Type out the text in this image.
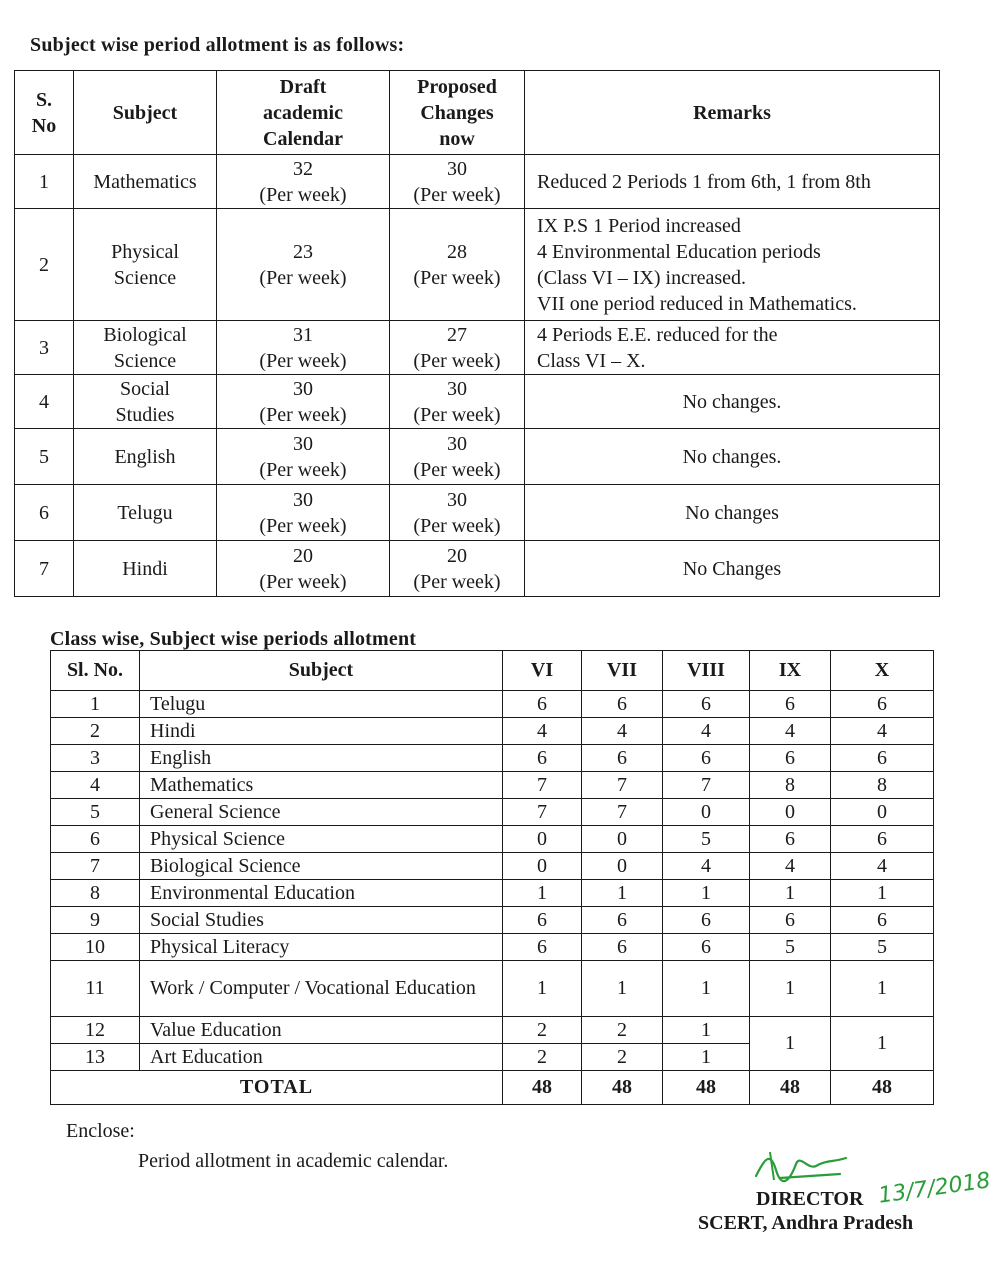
Subject wise period allotment is as follows:
S.
No	Subject	Draft
academic
Calendar	Proposed
Changes
now	Remarks
1	Mathematics	32
(Per week)	30
(Per week)	Reduced 2 Periods 1 from 6th, 1 from 8th

2	Physical
Science	23
(Per week)	28
(Per week)	IX P.S 1 Period increased
4 Environmental Education periods
(Class VI – IX) increased.
VII one period reduced in Mathematics.

3	Biological
Science	31
(Per week)	27
(Per week)	4 Periods E.E. reduced for the
Class VI – X.

4	Social
Studies	30
(Per week)	30
(Per week)	No changes.

5	English	30
(Per week)	30
(Per week)	No changes.

6	Telugu	30
(Per week)	30
(Per week)	No changes

7	Hindi	20
(Per week)	20
(Per week)	No Changes
Class wise, Subject wise periods allotment
Sl. No.	Subject	VI	VII	VIII	IX	X
1	Telugu	6	6	6	6	6
2	Hindi	4	4	4	4	4
3	English	6	6	6	6	6
4	Mathematics	7	7	7	8	8
5	General Science	7	7	0	0	0
6	Physical Science	0	0	5	6	6
7	Biological Science	0	0	4	4	4
8	Environmental Education	1	1	1	1	1
9	Social Studies	6	6	6	6	6
10	Physical Literacy	6	6	6	5	5
11	Work / Computer / Vocational Education	1	1	1	1	1
12	Value Education	2	2	1	1	1
13	Art Education	2	2	1		
TOTAL		48	48	48	48	48
Enclose:
Period allotment in academic calendar.
DIRECTOR 13/7/2018
SCERT, Andhra Pradesh
